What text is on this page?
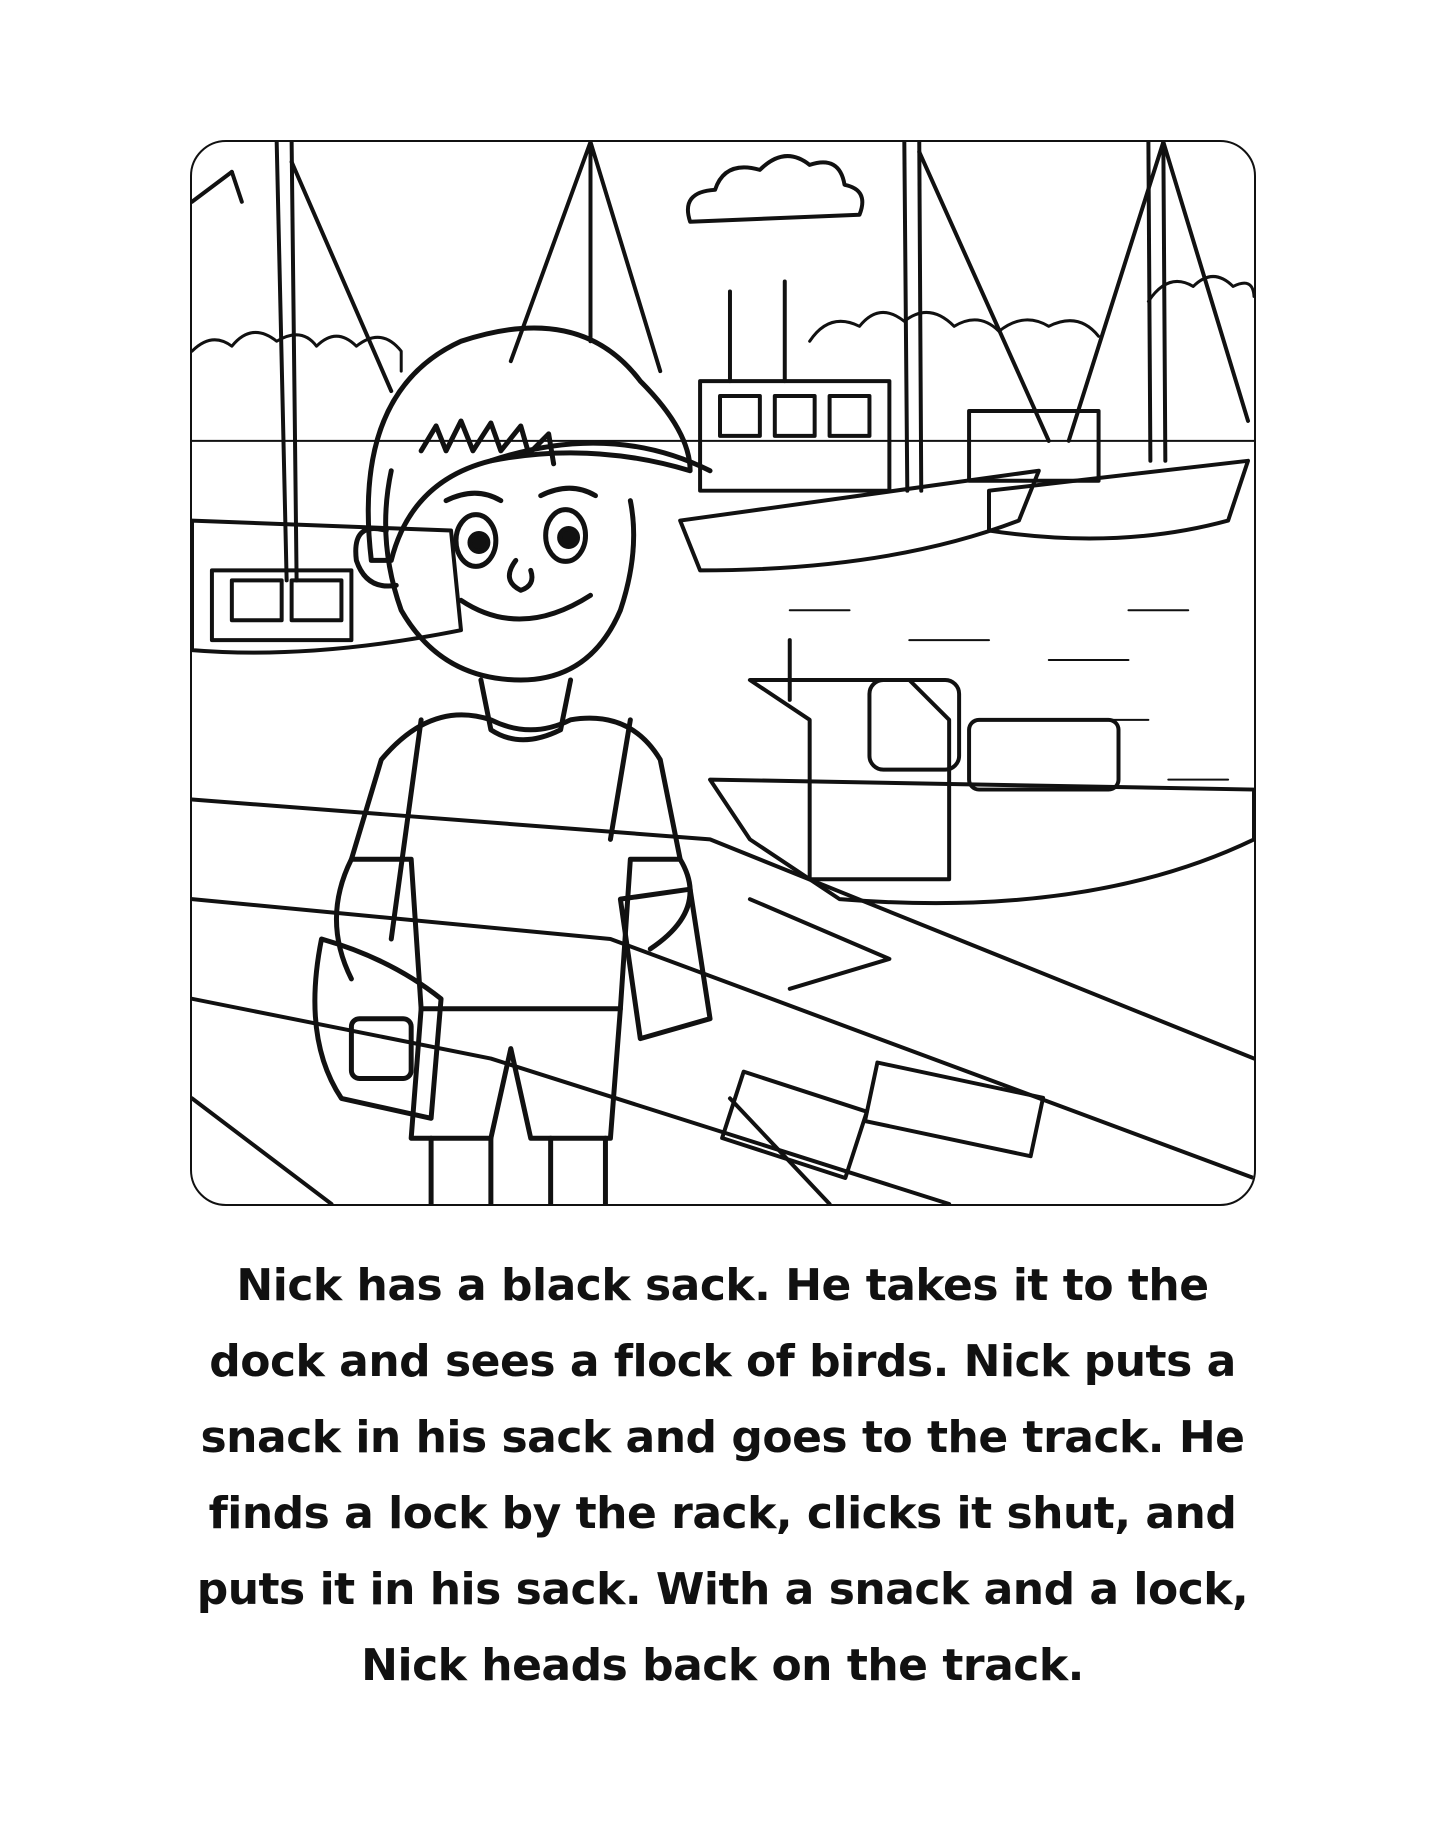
Nick has a black sack. He takes it to the
dock and sees a flock of birds. Nick puts a
snack in his sack and goes to the track. He
finds a lock by the rack, clicks it shut, and
puts it in his sack. With a snack and a lock,
Nick heads back on the track.
